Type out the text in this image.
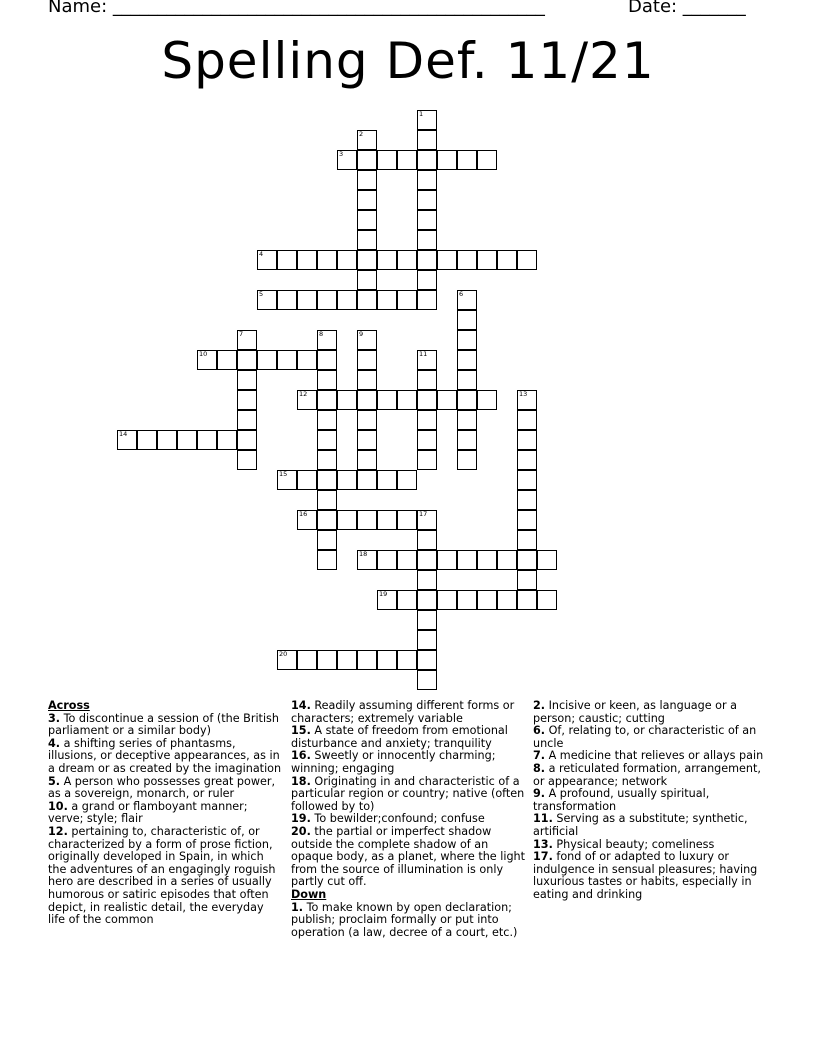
Name: ________________________________________________	Date: _______
Spelling Def. 11/21
1
2
3
4
5	6
7	8	9
10	11
12	13
14
15
16	17
18
19
20
Across
3. To discontinue a session of (the British parliament or a similar body)
4. a shifting series of phantasms, illusions, or deceptive appearances, as in a dream or as created by the imagination
5. A person who possesses great power, as a sovereign, monarch, or ruler
10. a grand or flamboyant manner; verve; style; flair
12. pertaining to, characteristic of, or characterized by a form of prose fiction, originally developed in Spain, in which the adventures of an engagingly roguish hero are described in a series of usually humorous or satiric episodes that often depict, in realistic detail, the everyday life of the common
14. Readily assuming different forms or characters; extremely variable
15. A state of freedom from emotional disturbance and anxiety; tranquility
16. Sweetly or innocently charming; winning; engaging
18. Originating in and characteristic of a particular region or country; native (often followed by to)
19. To bewilder;confound; confuse
20. the partial or imperfect shadow outside the complete shadow of an opaque body, as a planet, where the light from the source of illumination is only partly cut off.
Down
1. To make known by open declaration; publish; proclaim formally or put into operation (a law, decree of a court, etc.)
2. Incisive or keen, as language or a person; caustic; cutting
6. Of, relating to, or characteristic of an uncle
7. A medicine that relieves or allays pain
8. a reticulated formation, arrangement, or appearance; network
9. A profound, usually spiritual, transformation
11. Serving as a substitute; synthetic, artificial
13. Physical beauty; comeliness
17. fond of or adapted to luxury or indulgence in sensual pleasures; having luxurious tastes or habits, especially in eating and drinking
